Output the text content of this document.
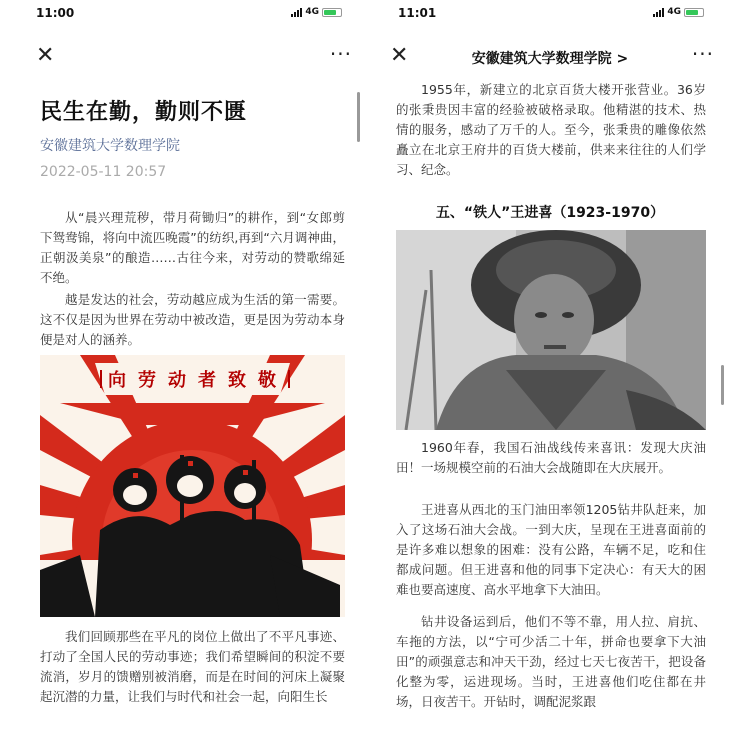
11:00	4G
✕	···
民生在勤，勤则不匮
安徽建筑大学数理学院
2022-05-11 20:57
从“晨兴理荒秽，带月荷锄归”的耕作，到“女郎剪下鸳鸯锦，将向中流匹晚霞”的纺织,再到“六月调神曲，正朝汲美泉”的酿造……古往今来，对劳动的赞歌绵延不绝。
越是发达的社会，劳动越应成为生活的第一需要。这不仅是因为世界在劳动中被改造，更是因为劳动本身便是对人的涵养。
向 劳 动 者 致 敬
我们回顾那些在平凡的岗位上做出了不平凡事迹、打动了全国人民的劳动事迹；我们希望瞬间的积淀不要流消，岁月的馈赠别被消磨，而是在时间的河床上凝聚起沉潜的力量，让我们与时代和社会一起，向阳生长
11:01	4G
✕	安徽建筑大学数理学院 >	···
1955年，新建立的北京百货大楼开张营业。36岁的张秉贵因丰富的经验被破格录取。他精湛的技术、热情的服务，感动了万千的人。至今，张秉贵的雕像依然矗立在北京王府井的百货大楼前，供来来往往的人们学习、纪念。
五、“铁人”王进喜（1923-1970）
1960年春，我国石油战线传来喜讯：发现大庆油田！一场规模空前的石油大会战随即在大庆展开。
王进喜从西北的玉门油田率领1205钻井队赶来，加入了这场石油大会战。一到大庆，呈现在王进喜面前的是许多难以想象的困难：没有公路，车辆不足，吃和住都成问题。但王进喜和他的同事下定决心：有天大的困难也要高速度、高水平地拿下大油田。
钻井设备运到后，他们不等不靠，用人拉、肩抗、车拖的方法，以“宁可少活二十年，拼命也要拿下大油田”的顽强意志和冲天干劲，经过七天七夜苦干，把设备化整为零，运进现场。当时，王进喜他们吃住都在井场，日夜苦干。开钻时，调配泥浆跟
